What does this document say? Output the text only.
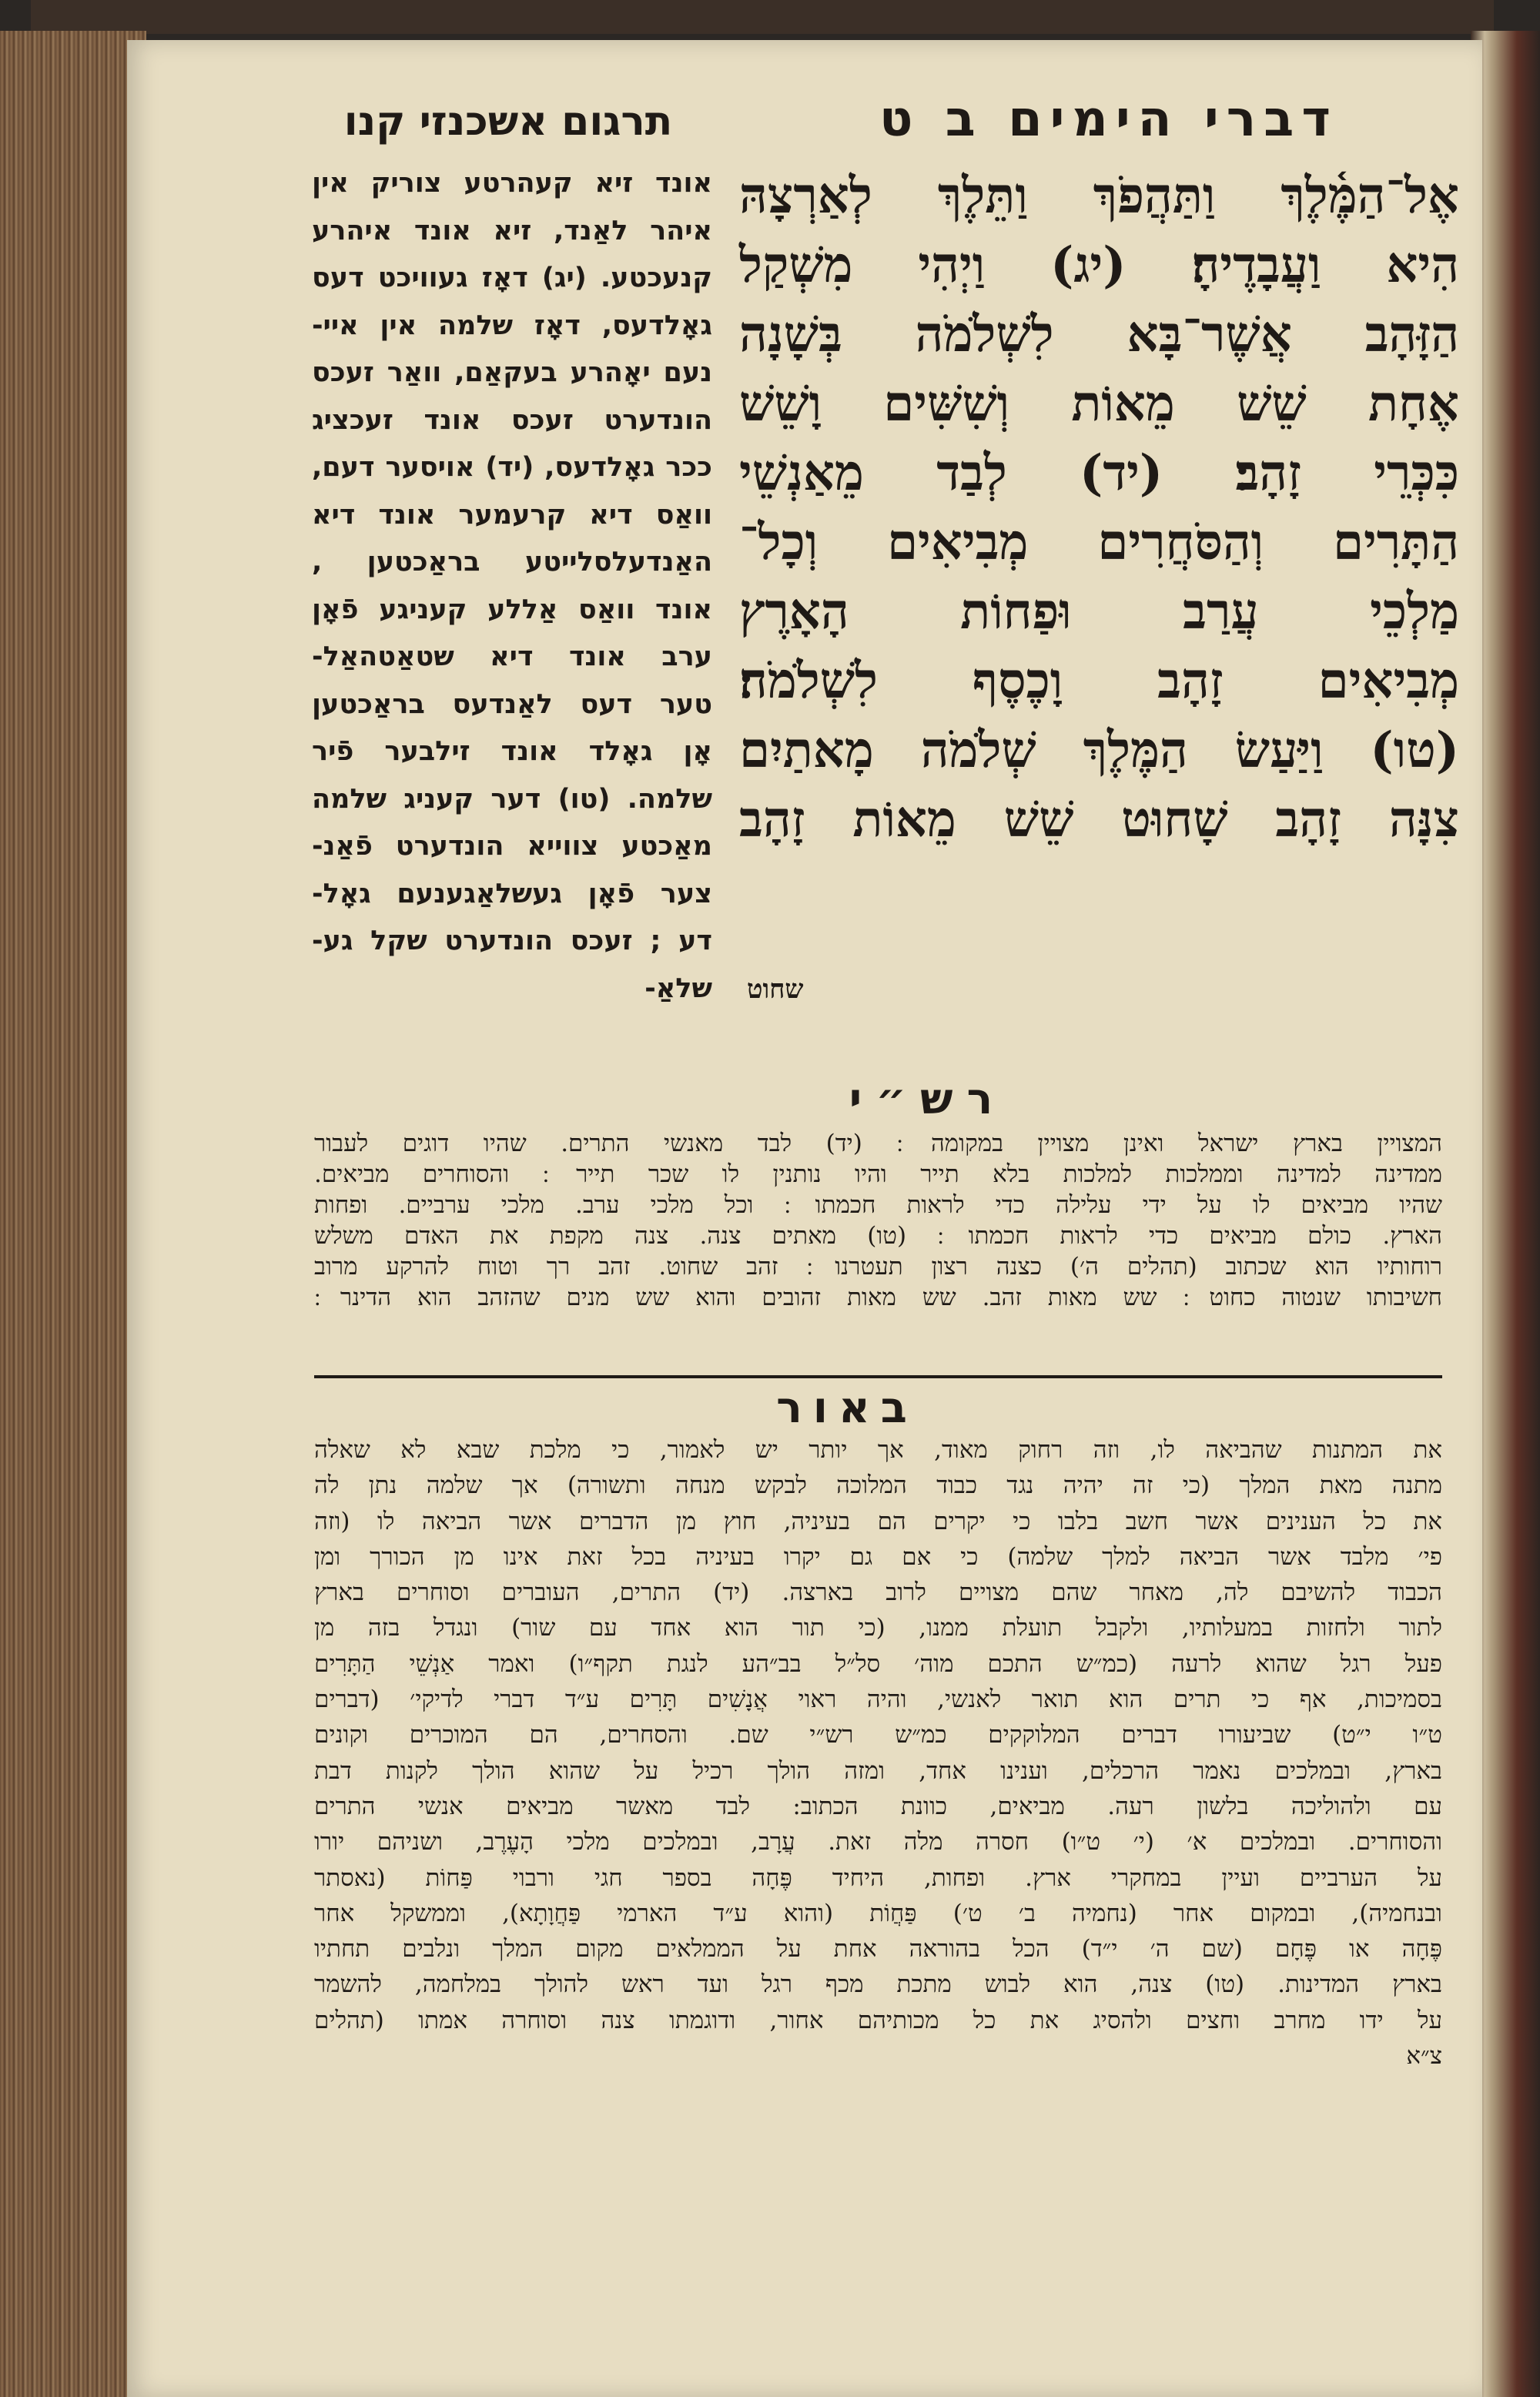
דברי הימים ב ט
תרגום אשכנזי קנו
אֶל־הַמֶּ֫לֶךְ וַתַּהֲפֹךְ וַתֵּלֶךְ לְאַרְצָהּ
הִיא וַעֲבָדֶיהָ׃ (יג) וַיְהִי מִשְׁקַל
הַזָּהָב אֲשֶׁר־בָּא לִשְׁלֹמֹה בְּשָׁנָה
אֶחָת שֵׁשׁ מֵאוֹת וְשִׁשִּׁים וָשֵׁשׁ
כִּכְּרֵי זָהָב׃ (יד) לְבַד מֵאַנְשֵׁי
הַתָּרִים וְהַסֹּחֲרִים מְבִיאִים וְכָל־
מַלְכֵי עֲרַב וּפַחוֹת הָאָרֶץ
מְבִיאִים זָהָב וָכֶסֶף לִשְׁלֹמֹה׃
(טו) וַיַּעַשׂ הַמֶּלֶךְ שְׁלֹמֹה מָאתַיִם
צִנָּה זָהָב שָׁחוּט שֵׁשׁ מֵאוֹת זָהָב
שחוט
אונד זיא קעהרטע צוריק אין
איהר לאַנד, זיא אונד איהרע
קנעכטע. (יג) דאָז געוויכט דעס
גאָלדעס, דאָז שלמה אין איי-
נעם יאָהרע בעקאַם, וואַר זעכס
הונדערט זעכס אונד זעכציג
ככר גאָלדעס, (יד) אויסער דעם,
וואַס דיא קרעמער אונד דיא
האַנדעלסלייטע בראַכטען ,
אונד וואַס אַללע קעניגע פֿאָן
ערב אונד דיא שטאַטהאַל-
טער דעס לאַנדעס בראַכטען
אָן גאָלד אונד זילבער פֿיר
שלמה. (טו) דער קעניג שלמה
מאַכטע צווייא הונדערט פֿאַנ-
צער פֿאָן געשלאַגענעם גאָל-
דע ; זעכס הונדערט שקל גע-
שלאַ-
רש״י
המצויין בארץ ישראל ואינן מצויין במקומה ׃ (יד) לבד מאנשי התרים. שהיו דוגים לעבור
ממדינה למדינה וממלכות למלכות בלא תייר והיו נותנין לו שכר תייר ׃ והסוחרים מביאים.
שהיו מביאים לו על ידי עלילה כדי לראות חכמתו ׃ וכל מלכי ערב. מלכי ערביים. ופחות
הארץ. כולם מביאים כדי לראות חכמתו ׃ (טו) מאתים צנה. צנה מקפת את האדם משלש
רוחותיו הוא שכתוב (תהלים ה׳) כצנה רצון תעטרנו ׃ זהב שחוט. זהב רך וטוח להרקע מרוב
חשיבותו שנטוה כחוט ׃ שש מאות זהב. שש מאות זהובים והוא שש מנים שהזהב הוא הדינר ׃
באור
את המתנות שהביאה לו, וזה רחוק מאוד, אך יותר יש לאמור, כי מלכת שבא לא שאלה
מתנה מאת המלך (כי זה יהיה נגד כבוד המלוכה לבקש מנחה ותשורה) אך שלמה נתן לה
את כל הענינים אשר חשב בלבו כי יקרים הם בעיניה, חוץ מן הדברים אשר הביאה לו (וזה
פי׳ מלבד אשר הביאה למלך שלמה) כי אם גם יקרו בעיניה בכל זאת אינו מן הכורך ומן
הכבוד להשיבם לה, מאחר שהם מצויים לרוב בארצה. (יד) התרים, העוברים וסוחרים בארץ
לתור ולחזות במעלותיו, ולקבל תועלת ממנו, (כי תור הוא אחד עם שור) ונגדל בזה מן
פעל רגל שהוא לרעה (כמ״ש התכם מוה׳ סל״ל בב״הע לנגת תקף״ו) ואמר אַנְשֵׁי הַתָּרִים
בסמיכות, אף כי תרים הוא תואר לאנשי, והיה ראוי אֲנָשִׁים תָּרִים ע״ד דברי לדיקי׳ (דברים
ט״ו י״ט) שביעורו דברים המלוקקים כמ״ש רש״י שם. והסחרים, הם המוכרים וקונים
בארץ, ובמלכים נאמר הרכלים, וענינו אחד, ומזה הולך רכיל על שהוא הולך לקנות דבת
עם ולהוליכה בלשון רעה. מביאים, כוונת הכתוב: לבד מאשר מביאים אנשי התרים
והסוחרים. ובמלכים א׳ (י׳ ט״ו) חסרה מלה זאת. עֲרָב, ובמלכים מלכי הָעֶרֶב, ושניהם יורו
על הערביים ועיין במחקרי ארץ. ופחות, היחיד פֶּחָה בספר חגי ורבוי פַּחוֹת (נאסתר
ובנחמיה), ובמקום אחר (נחמיה ב׳ ט׳) פַּחֲוֹת (והוא ע״ד הארמי פַּחֲוָתָא), וממשקל אחר
פֶּחָה או פֶּחָם (שם ה׳ י״ד) הכל בהוראה אחת על הממלאים מקום המלך ונלבים תחתיו
בארץ המדינות. (טו) צנה, הוא לבוש מתכת מכף רגל ועד ראש להולך במלחמה, להשמר
על ידו מחרב וחצים ולהסיג את כל מכותיהם אחור, ודוגמתו צנה וסוחרה אמתו (תהלים
צ״א
